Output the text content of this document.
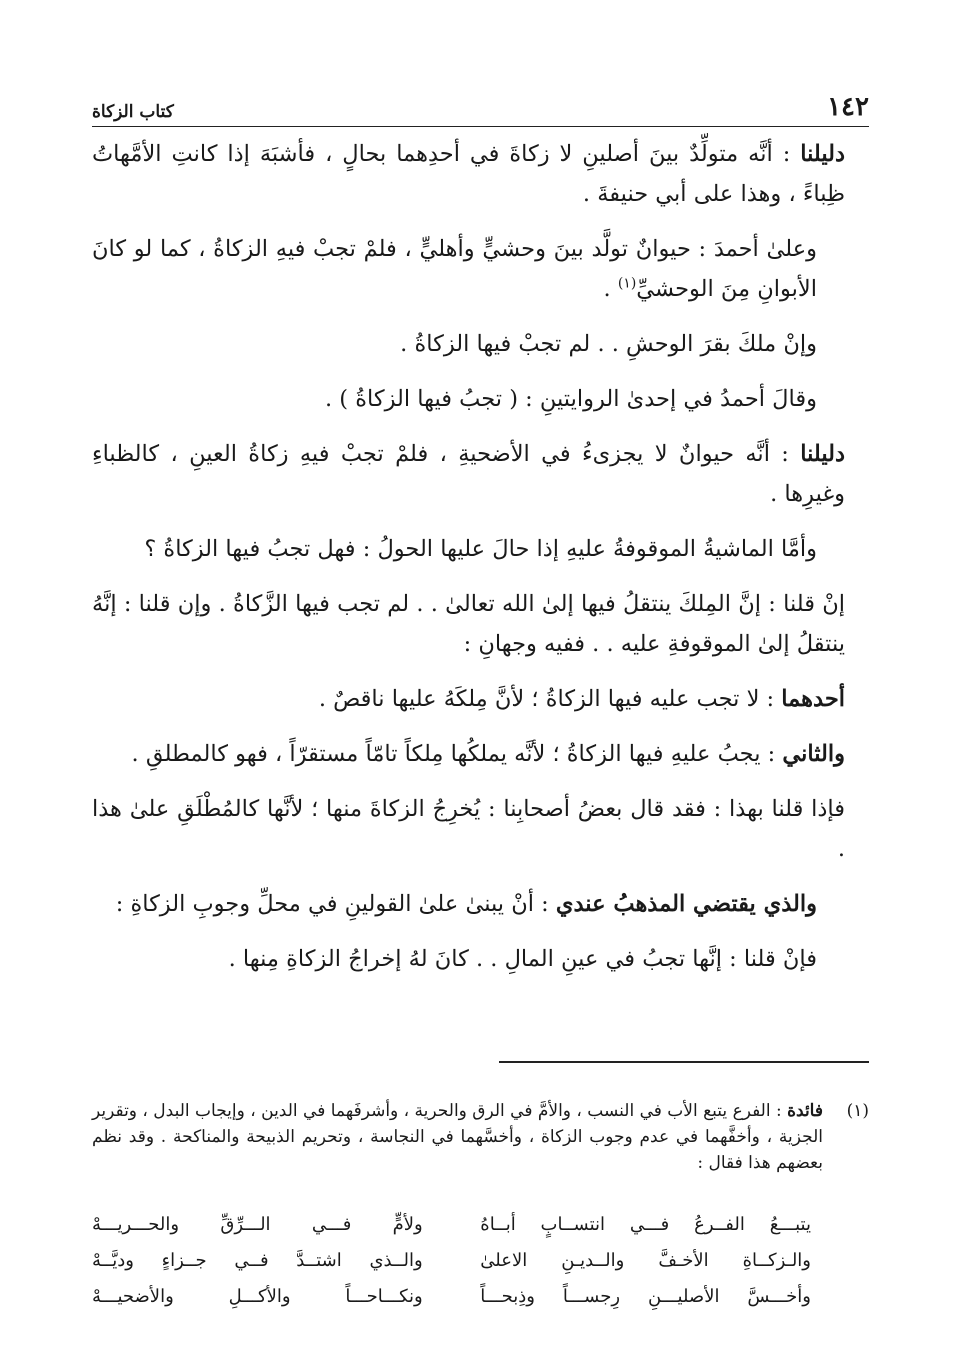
كتاب الزكاة	١٤٢

دليلنا : أنَّه متولِّدٌ بينَ أصلينِ لا زكاةَ في أحدِهما بحالٍ ، فأشبَهَ إذا كانتِ الأمَّهاتُ ظِباءً ، وهذا على أبي حنيفةَ .

وعلىٰ أحمدَ : حيوانٌ تولَّد بينَ وحشيٍّ وأهليٍّ ، فلمْ تجبْ فيهِ الزكاةُ ، كما لو كانَ الأبوانِ مِنَ الوحشيِّ$^{(١)}$ .

وإنْ ملكَ بقرَ الوحشِ . . لم تجبْ فيها الزكاةُ .

وقالَ أحمدُ في إحدىٰ الروايتينِ : ( تجبُ فيها الزكاةُ ) .

دليلنا : أنَّه حيوانٌ لا يجزىءُ في الأضحيةِ ، فلمْ تجبْ فيهِ زكاةُ العينِ ، كالظباءِ وغيرِها .

وأمَّا الماشيةُ الموقوفةُ عليهِ إذا حالَ عليها الحولُ : فهل تجبُ فيها الزكاةُ ؟

إنْ قلنا : إنَّ المِلكَ ينتقلُ فيها إلىٰ الله تعالىٰ . . لم تجب فيها الزَّكاةُ . وإن قلنا : إنَّهُ ينتقلُ إلىٰ الموقوفةِ عليه . . ففيه وجهانِ :

أحدهما : لا تجب عليه فيها الزكاةُ ؛ لأنَّ مِلكَهُ عليها ناقصٌ .

والثاني : يجبُ عليهِ فيها الزكاةُ ؛ لأنَّه يملكُها مِلكاً تامّاً مستقرّاً ، فهو كالمطلقِ .

فإذا قلنا بهذا : فقد قال بعضُ أصحابِنا : يُخرِجُ الزكاةَ منها ؛ لأنَّها كالمُطْلَقِ علىٰ هذا .

والذي يقتضي المذهبُ عندي : أنْ يبنىٰ علىٰ القولينِ في محلِّ وجوبِ الزكاةِ :

فإنْ قلنا : إنَّها تجبُ في عينِ المالِ . . كانَ لهُ إخراجُ الزكاةِ مِنها .

(١)
فائدة : الفرع يتبع الأب في النسب ، والأمَّ في الرق والحرية ، وأشرفَهما في الدين ، وإيجاب البدل ، وتقرير الجزية ، وأخفَّهما في عدم وجوب الزكاة ، وأخسَّهما في النجاسة ، وتحريم الذبيحة والمناكحة . وقد نظم بعضهم هذا فقال :
يتبـــعُ الفــرعُ فـــي انتســابٍ أبــاهُ
ولأمٍّ فـــي الـــرِّقِّ والحـــريـــهْ
والـزكــاةِ الأخـفَّ والــديـنِ الاعلىٰ
والــذي اشتــدَّ فــي جــزاءٍ وديَّــهْ
وأخـــسَّ الأصليـــنِ رِجســـاً وذِبحـــاً
ونكـــاحـــاً والأكـــلِ والأضحيـــهْ
